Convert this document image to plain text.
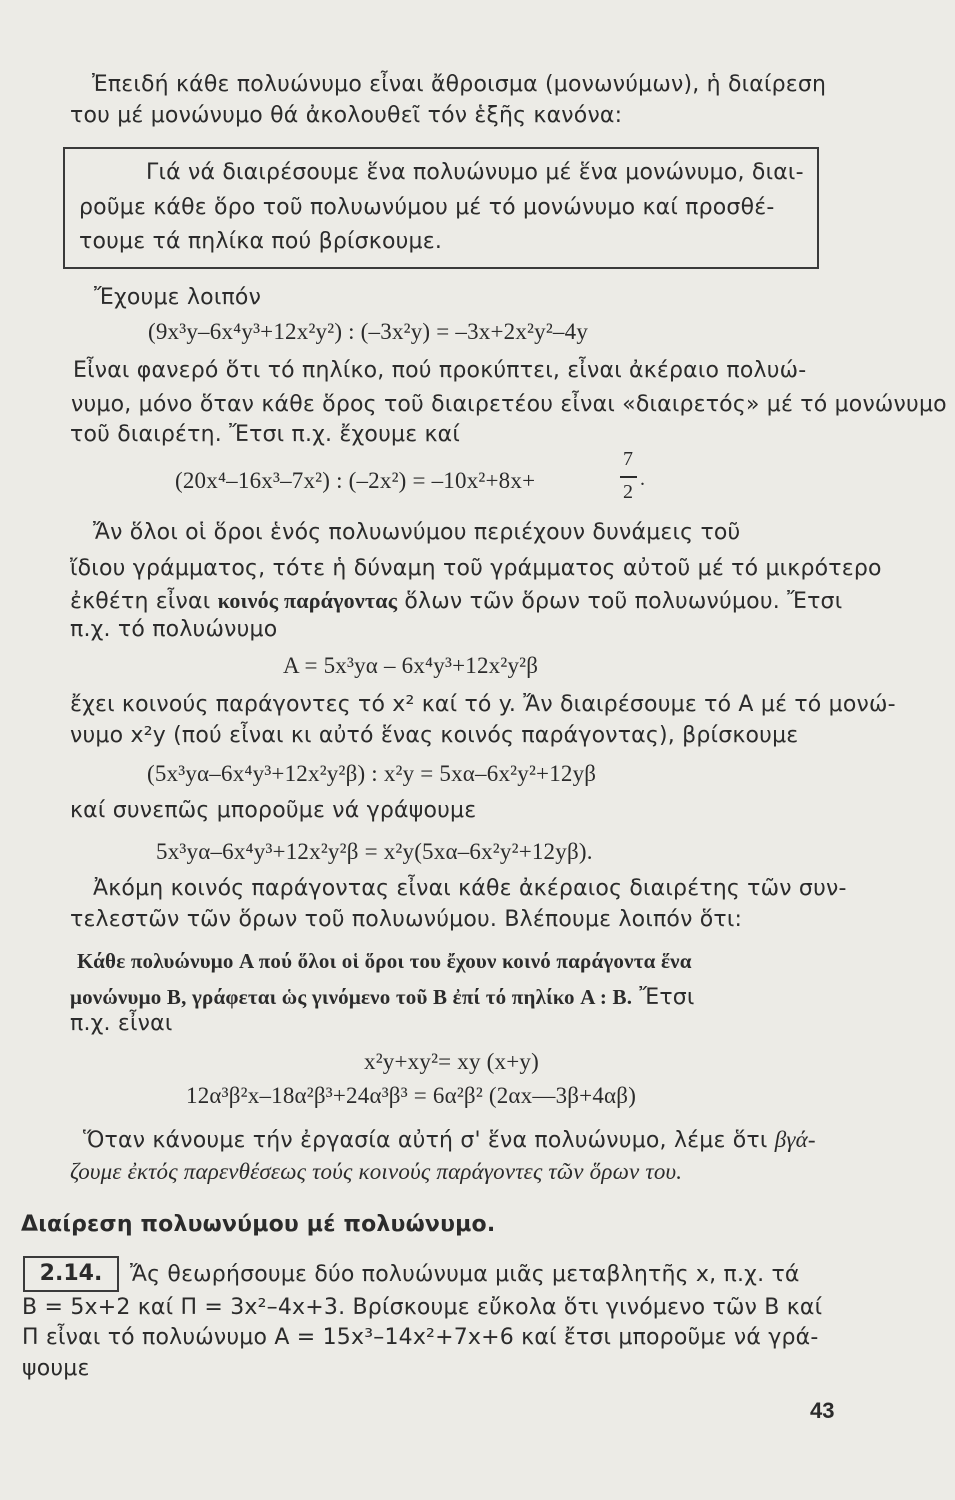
Ἐπειδή κάθε πολυώνυμο εἶναι ἄθροισμα (μονωνύμων), ἡ διαίρεση
του μέ μονώνυμο θά ἀκολουθεῖ τόν ἑξῆς κανόνα:
Γιά νά διαιρέσουμε ἕνα πολυώνυμο μέ ἕνα μονώνυμο, διαι-
ροῦμε κάθε ὅρο τοῦ πολυωνύμου μέ τό μονώνυμο καί προσθέ-
τουμε τά πηλίκα πού βρίσκουμε.
Ἔχουμε λοιπόν
(9x³y–6x⁴y³+12x²y²) : (–3x²y) = –3x+2x²y²–4y
Εἶναι φανερό ὅτι τό πηλίκο, πού προκύπτει, εἶναι ἀκέραιο πολυώ-
νυμο, μόνο ὅταν κάθε ὅρος τοῦ διαιρετέου εἶναι «διαιρετός» μέ τό μονώνυμο
τοῦ διαιρέτη. Ἔτσι π.χ. ἔχουμε καί
(20x⁴–16x³–7x²) : (–2x²) = –10x²+8x+
7
2
.
Ἄν ὅλοι οἱ ὅροι ἑνός πολυωνύμου περιέχουν δυνάμεις τοῦ
ἴδιου γράμματος, τότε ἡ δύναμη τοῦ γράμματος αὐτοῦ μέ τό μικρότερο
ἐκθέτη εἶναι κοινός παράγοντας ὅλων τῶν ὅρων τοῦ πολυωνύμου. Ἔτσι
π.χ. τό πολυώνυμο
A = 5x³yα – 6x⁴y³+12x²y²β
ἔχει κοινούς παράγοντες τό x² καί τό y. Ἄν διαιρέσουμε τό A μέ τό μονώ-
νυμο x²y (πού εἶναι κι αὐτό ἕνας κοινός παράγοντας), βρίσκουμε
(5x³yα–6x⁴y³+12x²y²β) : x²y = 5xα–6x²y²+12yβ
καί συνεπῶς μποροῦμε νά γράψουμε
5x³yα–6x⁴y³+12x²y²β = x²y(5xα–6x²y²+12yβ).
Ἀκόμη κοινός παράγοντας εἶναι κάθε ἀκέραιος διαιρέτης τῶν συν-
τελεστῶν τῶν ὅρων τοῦ πολυωνύμου. Βλέπουμε λοιπόν ὅτι:
Κάθε πολυώνυμο A πού ὅλοι οἱ ὅροι του ἔχουν κοινό παράγοντα ἕνα
μονώνυμο B, γράφεται ὡς γινόμενο τοῦ B ἐπί τό πηλίκο A : B. Ἔτσι
π.χ. εἶναι
x²y+xy²= xy (x+y)
12α³β²x–18α²β³+24α³β³ = 6α²β² (2αx—3β+4αβ)
Ὅταν κάνουμε τήν ἐργασία αὐτή σ' ἕνα πολυώνυμο, λέμε ὅτι βγά-
ζουμε ἐκτός παρενθέσεως τούς κοινούς παράγοντες τῶν ὅρων του.
Διαίρεση πολυωνύμου μέ πολυώνυμο.
2.14.	Ἄς θεωρήσουμε δύο πολυώνυμα μιᾶς μεταβλητῆς x, π.χ. τά
B = 5x+2 καί Π = 3x²–4x+3. Βρίσκουμε εὔκολα ὅτι γινόμενο τῶν B καί
Π εἶναι τό πολυώνυμο A = 15x³–14x²+7x+6 καί ἔτσι μποροῦμε νά γρά-
ψουμε
43
